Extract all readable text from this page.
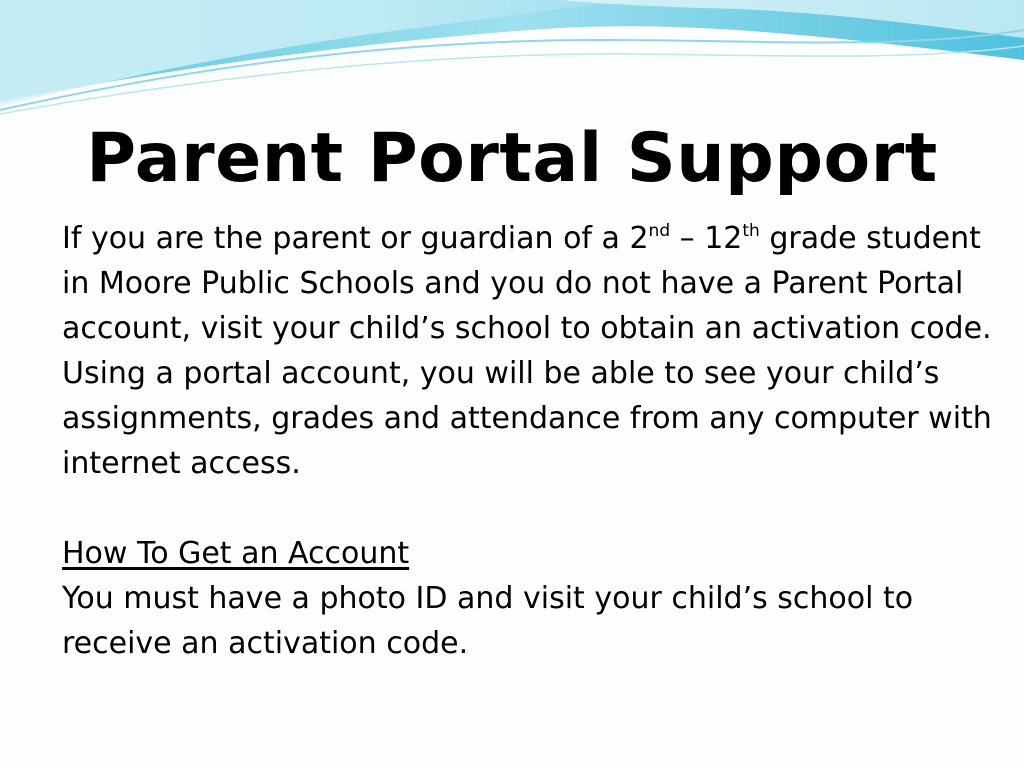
Parent Portal Support

If you are the parent or guardian of a 2nd – 12th grade student in Moore Public Schools and you do not have a Parent Portal account, visit your child’s school to obtain an activation code. Using a portal account, you will be able to see your child’s assignments, grades and attendance from any computer with internet access.

How To Get an Account

You must have a photo ID and visit your child’s school to receive an activation code.
